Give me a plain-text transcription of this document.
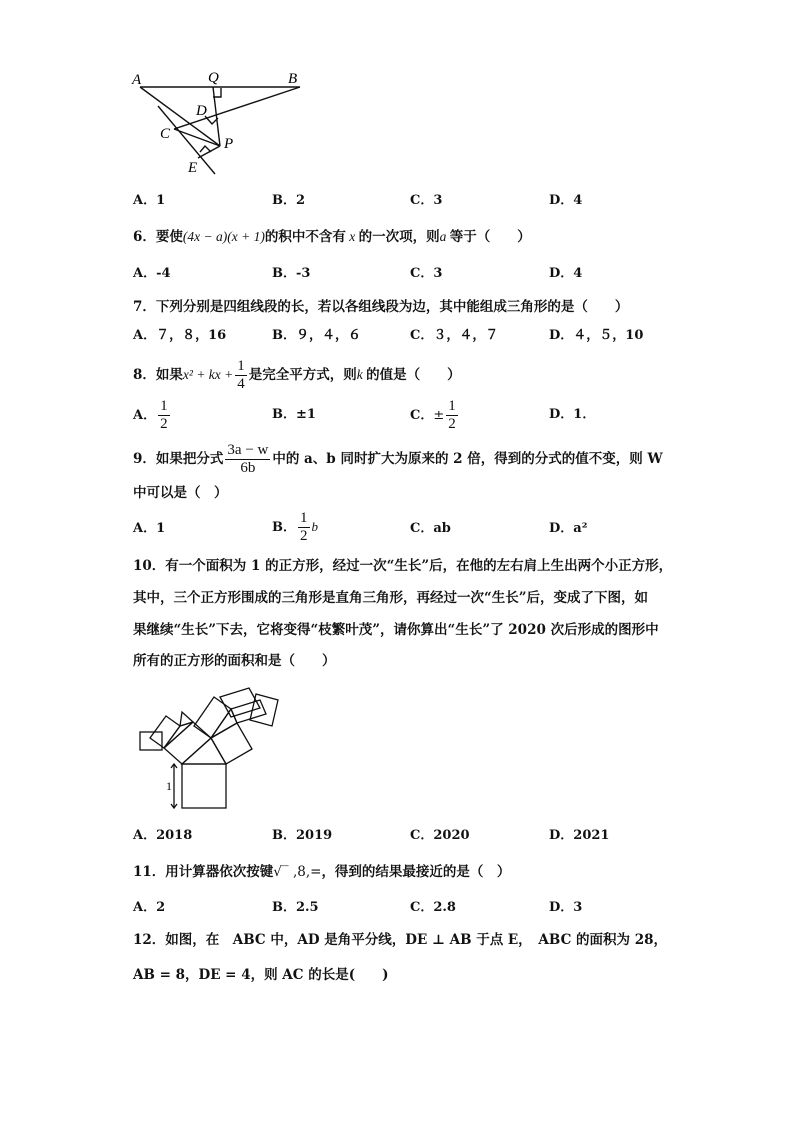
A	Q	B
D
C
P
E
A．1	B．2	C．3	D．4
6．要使(4x − a)(x + 1)的积中不含有 x 的一次项，则a 等于（　　）
A．-4	B．-3	C．3	D．4
7．下列分别是四组线段的长，若以各组线段为边，其中能组成三角形的是（　　）
A．７，８，16	B．９，４，６	C．３，４，７	D．４，５，10
8．如果x² + kx + $\frac{1}{4}$ 是完全平方式，则k 的值是（　　）
A． $\frac{1}{2}$	B．±1	C．± $\frac{1}{2}$	D．1．
9．如果把分式 $\frac{3a - w}{6b}$ 中的 a、b 同时扩大为原来的 2 倍，得到的分式的值不变，则 W
中可以是（　）
A．1	B． $\frac{1}{2}$ b	C．ab	D．a²
10．有一个面积为 1 的正方形，经过一次“生长”后，在他的左右肩上生出两个小正方形，
其中，三个正方形围成的三角形是直角三角形，再经过一次“生长”后，变成了下图，如
果继续“生长”下去，它将变得“枝繁叶茂”，请你算出“生长”了 2020 次后形成的图形中
所有的正方形的面积和是（　　）
1
A．2018	B．2019	C．2020	D．2021
11．用计算器依次按键√‾ ,8,=，得到的结果最接近的是（　）
A．2	B．2.5	C．2.8	D．3
12．如图，在　ABC 中，AD 是角平分线，DE ⊥ AB 于点 E，　ABC 的面积为 28，
AB = 8，DE = 4，则 AC 的长是(　　)
